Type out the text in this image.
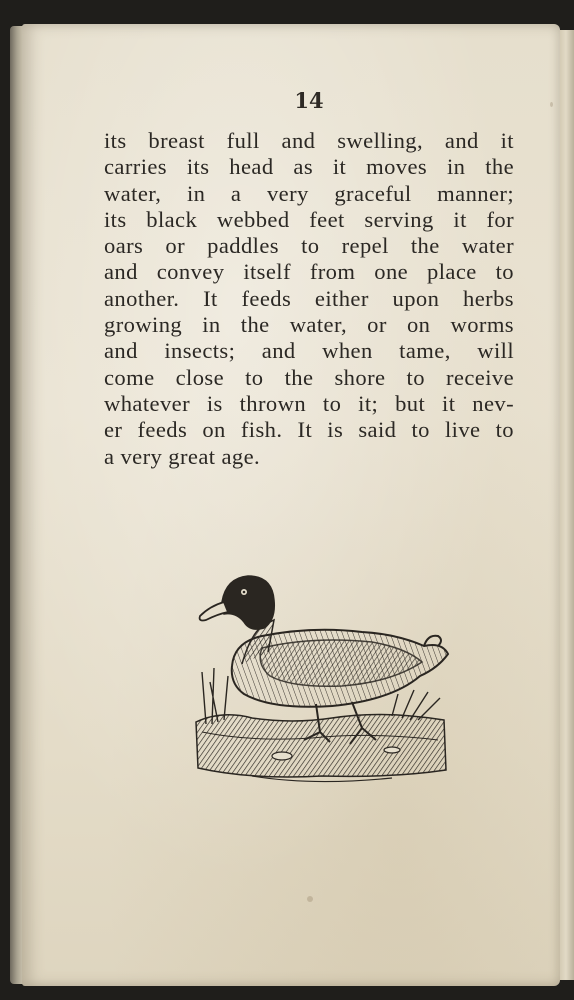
14
its breast full and swelling, and it
carries its head as it moves in the
water, in a very graceful manner;
its black webbed feet serving it for
oars or paddles to repel the water
and convey itself from one place to
another. It feeds either upon herbs
growing in the water, or on worms
and insects; and when tame, will
come close to the shore to receive
whatever is thrown to it; but it nev-
er feeds on fish. It is said to live to
a very great age.
